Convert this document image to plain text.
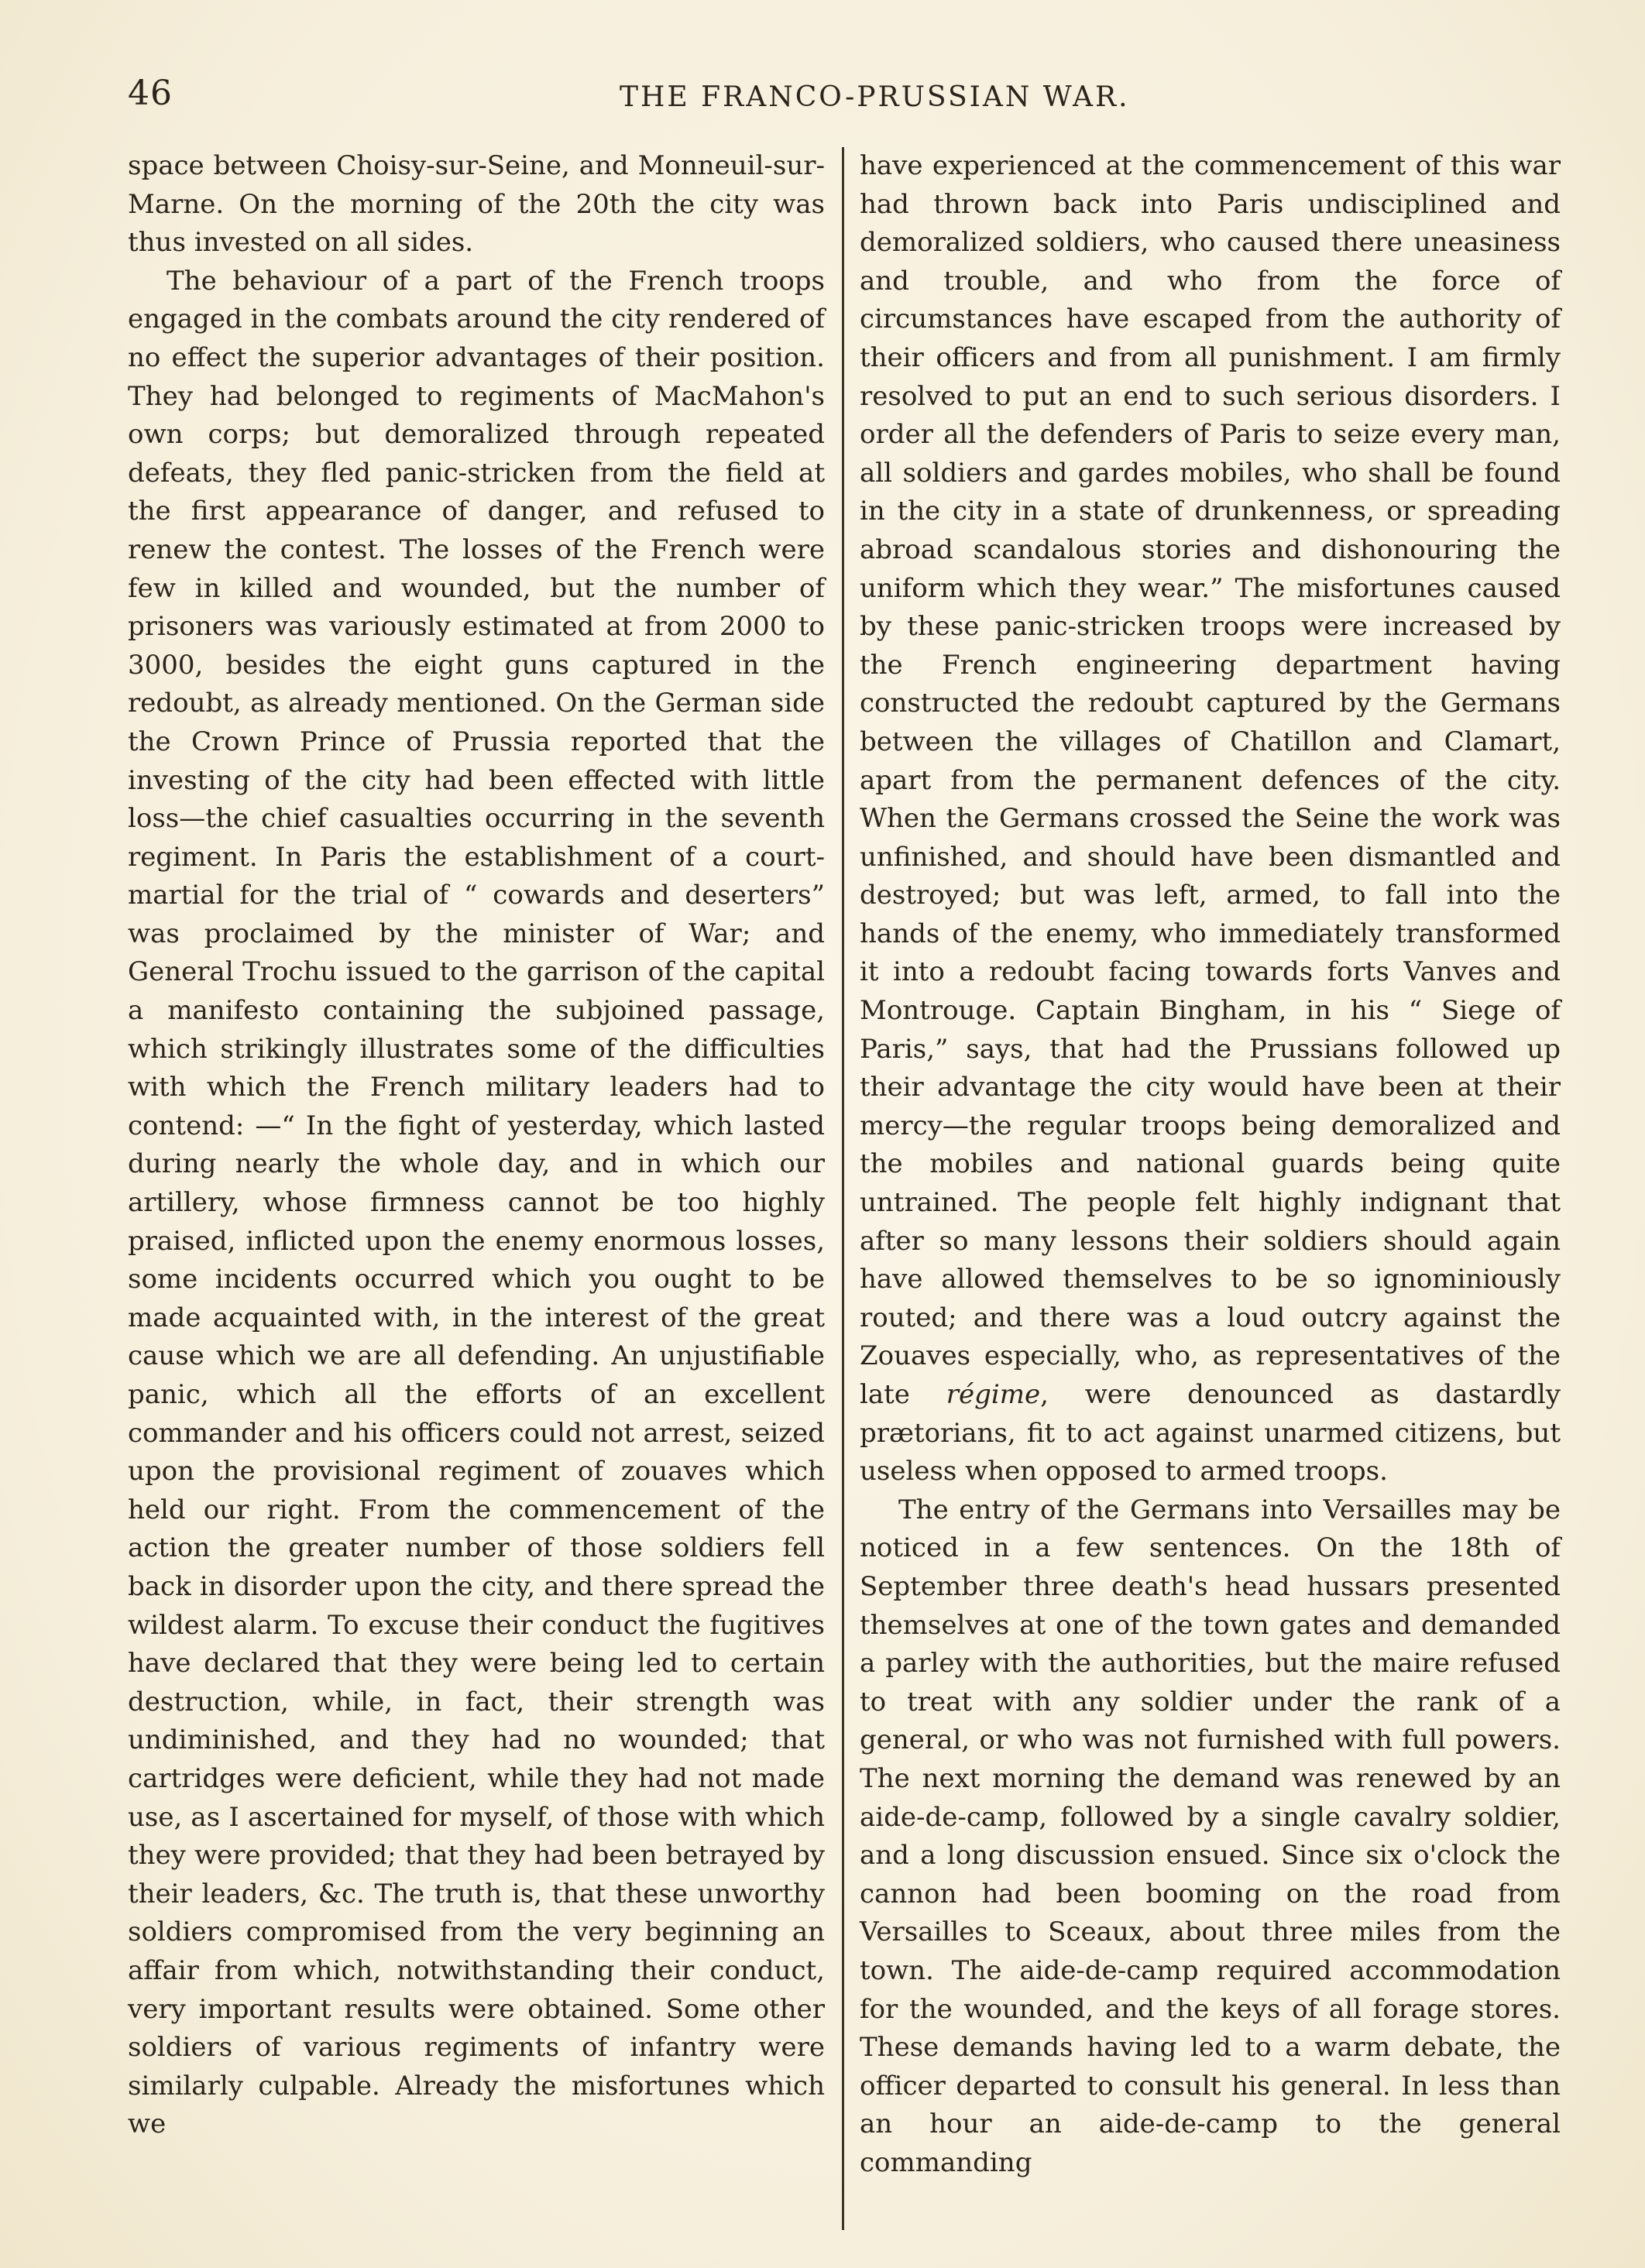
46	THE FRANCO-PRUSSIAN WAR.

space between Choisy-sur-Seine, and Monneuil-sur-Marne. On the morning of the 20th the city was thus invested on all sides.

The behaviour of a part of the French troops engaged in the combats around the city rendered of no effect the superior advantages of their position. They had belonged to regiments of MacMahon's own corps; but demoralized through repeated defeats, they fled panic-stricken from the field at the first appearance of danger, and refused to renew the contest. The losses of the French were few in killed and wounded, but the number of prisoners was variously estimated at from 2000 to 3000, besides the eight guns captured in the redoubt, as already mentioned. On the German side the Crown Prince of Prussia reported that the investing of the city had been effected with little loss—the chief casualties occurring in the seventh regiment. In Paris the establishment of a court-martial for the trial of “ cowards and deserters” was proclaimed by the minister of War; and General Trochu issued to the garrison of the capital a manifesto containing the subjoined passage, which strikingly illustrates some of the difficulties with which the French military leaders had to contend: —“ In the fight of yesterday, which lasted during nearly the whole day, and in which our artillery, whose firmness cannot be too highly praised, inflicted upon the enemy enormous losses, some incidents occurred which you ought to be made acquainted with, in the interest of the great cause which we are all defending. An unjustifiable panic, which all the efforts of an excellent commander and his officers could not arrest, seized upon the provisional regiment of zouaves which held our right. From the commencement of the action the greater number of those soldiers fell back in disorder upon the city, and there spread the wildest alarm. To excuse their conduct the fugitives have declared that they were being led to certain destruction, while, in fact, their strength was undiminished, and they had no wounded; that cartridges were deficient, while they had not made use, as I ascertained for myself, of those with which they were provided; that they had been betrayed by their leaders, &c. The truth is, that these unworthy soldiers compromised from the very beginning an affair from which, notwithstanding their conduct, very important results were obtained. Some other soldiers of various regiments of infantry were similarly culpable. Already the misfortunes which we

have experienced at the commencement of this war had thrown back into Paris undisciplined and demoralized soldiers, who caused there uneasiness and trouble, and who from the force of circumstances have escaped from the authority of their officers and from all punishment. I am firmly resolved to put an end to such serious disorders. I order all the defenders of Paris to seize every man, all soldiers and gardes mobiles, who shall be found in the city in a state of drunkenness, or spreading abroad scandalous stories and dishonouring the uniform which they wear.” The misfortunes caused by these panic-stricken troops were increased by the French engineering department having constructed the redoubt captured by the Germans between the villages of Chatillon and Clamart, apart from the permanent defences of the city. When the Germans crossed the Seine the work was unfinished, and should have been dismantled and destroyed; but was left, armed, to fall into the hands of the enemy, who immediately transformed it into a redoubt facing towards forts Vanves and Montrouge. Captain Bingham, in his “ Siege of Paris,” says, that had the Prussians followed up their advantage the city would have been at their mercy—the regular troops being demoralized and the mobiles and national guards being quite untrained. The people felt highly indignant that after so many lessons their soldiers should again have allowed themselves to be so ignominiously routed; and there was a loud outcry against the Zouaves especially, who, as representatives of the late régime, were denounced as dastardly prætorians, fit to act against unarmed citizens, but useless when opposed to armed troops.

The entry of the Germans into Versailles may be noticed in a few sentences. On the 18th of September three death's head hussars presented themselves at one of the town gates and demanded a parley with the authorities, but the maire refused to treat with any soldier under the rank of a general, or who was not furnished with full powers. The next morning the demand was renewed by an aide-de-camp, followed by a single cavalry soldier, and a long discussion ensued. Since six o'clock the cannon had been booming on the road from Versailles to Sceaux, about three miles from the town. The aide-de-camp required accommodation for the wounded, and the keys of all forage stores. These demands having led to a warm debate, the officer departed to consult his general. In less than an hour an aide-de-camp to the general commanding
